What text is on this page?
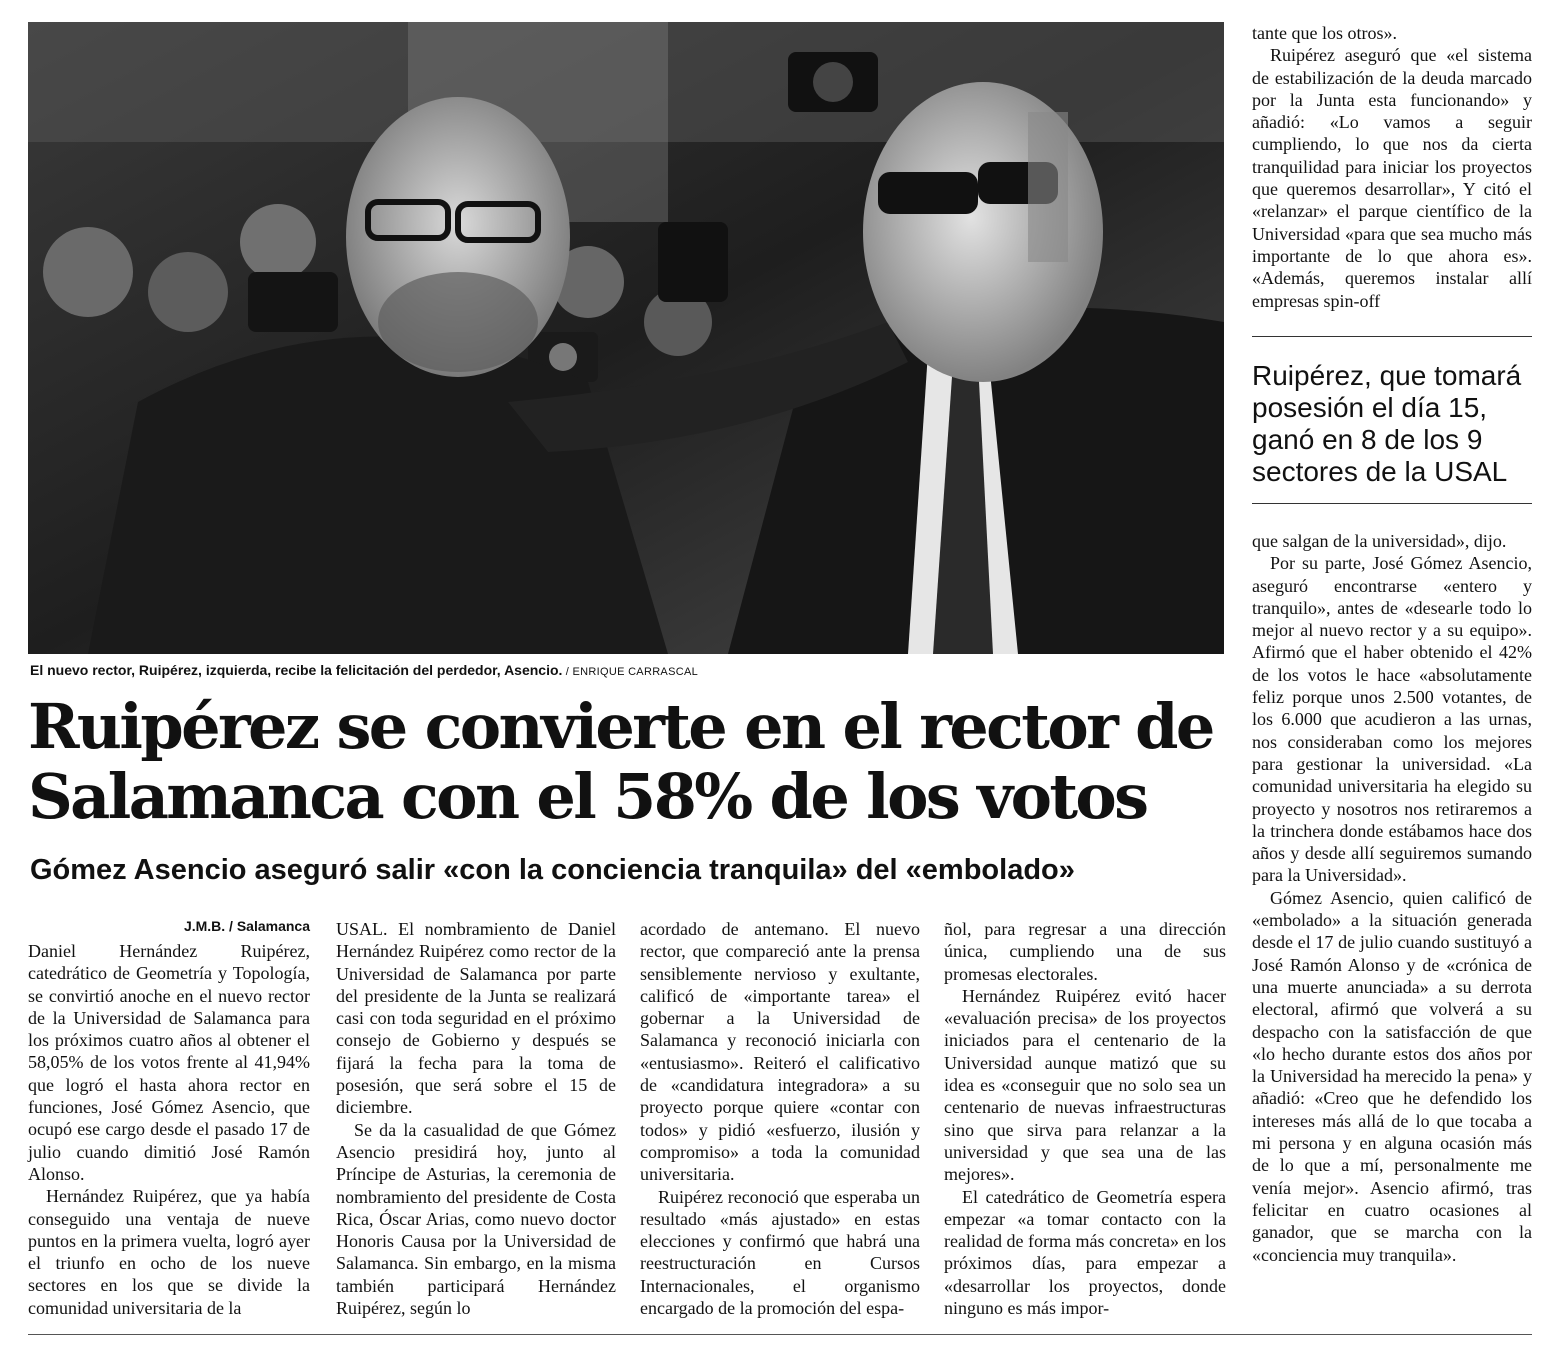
El nuevo rector, Ruipérez, izquierda, recibe la felicitación del perdedor, Asencio. / ENRIQUE CARRASCAL
Ruipérez se convierte en el rector de
Salamanca con el 58% de los votos
Gómez Asencio aseguró salir «con la conciencia tranquila» del «embolado»
J.M.B. / Salamanca

Daniel Hernández Ruipérez, catedrático de Geometría y Topología, se convirtió anoche en el nuevo rector de la Universidad de Salamanca para los próximos cuatro años al obtener el 58,05% de los votos frente al 41,94% que logró el hasta ahora rector en funciones, José Gómez Asencio, que ocupó ese cargo desde el pasado 17 de julio cuando dimitió José Ramón Alonso.

Hernández Ruipérez, que ya había conseguido una ventaja de nueve puntos en la primera vuelta, logró ayer el triunfo en ocho de los nueve sectores en los que se divide la comunidad universitaria de la

USAL. El nombramiento de Daniel Hernández Ruipérez como rector de la Universidad de Salamanca por parte del presidente de la Junta se realizará casi con toda seguridad en el próximo consejo de Gobierno y después se fijará la fecha para la toma de posesión, que será sobre el 15 de diciembre.

Se da la casualidad de que Gómez Asencio presidirá hoy, junto al Príncipe de Asturias, la ceremonia de nombramiento del presidente de Costa Rica, Óscar Arias, como nuevo doctor Honoris Causa por la Universidad de Salamanca. Sin embargo, en la misma también participará Hernández Ruipérez, según lo

acordado de antemano. El nuevo rector, que compareció ante la prensa sensiblemente nervioso y exultante, calificó de «importante tarea» el gobernar a la Universidad de Salamanca y reconoció iniciarla con «entusiasmo». Reiteró el calificativo de «candidatura integradora» a su proyecto porque quiere «contar con todos» y pidió «esfuerzo, ilusión y compromiso» a toda la comunidad universitaria.

Ruipérez reconoció que esperaba un resultado «más ajustado» en estas elecciones y confirmó que habrá una reestructuración en Cursos Internacionales, el organismo encargado de la promoción del espa-

ñol, para regresar a una dirección única, cumpliendo una de sus promesas electorales.

Hernández Ruipérez evitó hacer «evaluación precisa» de los proyectos iniciados para el centenario de la Universidad aunque matizó que su idea es «conseguir que no solo sea un centenario de nuevas infraestructuras sino que sirva para relanzar a la universidad y que sea una de las mejores».

El catedrático de Geometría espera empezar «a tomar contacto con la realidad de forma más concreta» en los próximos días, para empezar a «desarrollar los proyectos, donde ninguno es más impor-

tante que los otros».

Ruipérez aseguró que «el sistema de estabilización de la deuda marcado por la Junta esta funcionando» y añadió: «Lo vamos a seguir cumpliendo, lo que nos da cierta tranquilidad para iniciar los proyectos que queremos desarrollar», Y citó el «relanzar» el parque científico de la Universidad «para que sea mucho más importante de lo que ahora es». «Además, queremos instalar allí empresas spin-off

Ruipérez, que tomará
posesión el día 15,
ganó en 8 de los 9
sectores de la USAL

que salgan de la universidad», dijo.

Por su parte, José Gómez Asencio, aseguró encontrarse «entero y tranquilo», antes de «desearle todo lo mejor al nuevo rector y a su equipo». Afirmó que el haber obtenido el 42% de los votos le hace «absolutamente feliz porque unos 2.500 votantes, de los 6.000 que acudieron a las urnas, nos consideraban como los mejores para gestionar la universidad. «La comunidad universitaria ha elegido su proyecto y nosotros nos retiraremos a la trinchera donde estábamos hace dos años y desde allí seguiremos sumando para la Universidad».

Gómez Asencio, quien calificó de «embolado» a la situación generada desde el 17 de julio cuando sustituyó a José Ramón Alonso y de «crónica de una muerte anunciada» a su derrota electoral, afirmó que volverá a su despacho con la satisfacción de que «lo hecho durante estos dos años por la Universidad ha merecido la pena» y añadió: «Creo que he defendido los intereses más allá de lo que tocaba a mi persona y en alguna ocasión más de lo que a mí, personalmente me venía mejor». Asencio afirmó, tras felicitar en cuatro ocasiones al ganador, que se marcha con la «conciencia muy tranquila».
